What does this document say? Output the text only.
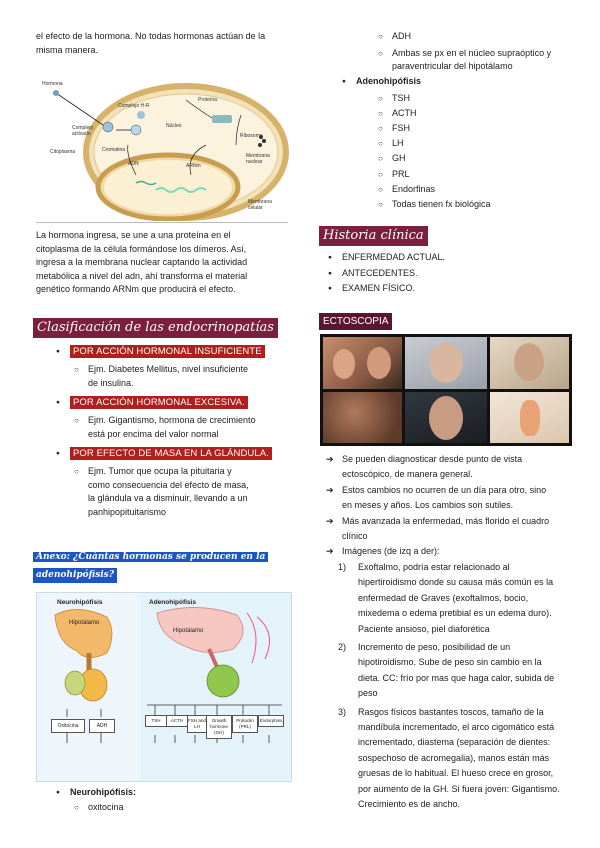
el efecto de la hormona. No todas hormonas actúan de la

misma manera.

Hormona
Complejo H-R
Complejo activado
Citoplasma
Núcleo
Cromatina
ADN	ARNm
Ribosoma
Membrana nuclear
Proteína
Membrana celular

La hormona ingresa, se une a una proteína en el

citoplasma de la célula formándose los dímeros. Así,

ingresa a la membrana nuclear captando la actividad

metabólica a nivel del adn, ahí transforma el material

genético formando ARNm que producirá el efecto.

Clasificación de las endocrinopatías
● POR ACCIÓN HORMONAL INSUFICIENTE

○ Ejm. Diabetes Mellitus, nivel insuficiente

de insulina.

● POR ACCIÓN HORMONAL EXCESIVA.

○ Ejm. Gigantismo, hormona de crecimiento

está por encima del valor normal

● POR EFECTO DE MASA EN LA GLÁNDULA.

○ Ejm. Tumor que ocupa la pituitaria y

como consecuencia del efecto de masa,

la glándula va a disminuir, llevando a un

panhipopituitarismo

Anexo: ¿Cuántas hormonas se producen en la
adenohipófisis?
Neurohipófisis	Adenohipófisis
Hipotálamo
Hipotálamo
Oxitocina	ADH
TSH	ACTH	FSH and LH
Growth hormone (GH)
Prolactin (PRL)
Endorphins
● Neurohipófisis:
○ oxitocina

○ ADH

○ Ambas se px en el núcleo supraóptico y

paraventricular del hipotálamo

● Adenohipófisis
○ TSH
○ ACTH
○ FSH
○ LH
○ GH
○ PRL
○ Endorfinas
○ Todas tienen fx biológica
Historia clínica
● ENFERMEDAD ACTUAL.
● ANTECEDENTES.
● EXAMEN FÍSICO.
ECTOSCOPIA

➔ Se pueden diagnosticar desde punto de vista

ectoscópico, de manera general.

➔ Estos cambios no ocurren de un día para otro, sino

en meses y años. Los cambios son sutiles.

➔ Más avanzada la enfermedad, más florido el cuadro

clínico

➔ Imágenes (de izq a der):

1) Exoftalmo, podría estar relacionado al

hipertiroidismo donde su causa más común es la

enfermedad de Graves (exoftalmos, bocio,

mixedema o edema pretibial es un edema duro).

Paciente ansioso, piel diaforética

2) Incremento de peso, posibilidad de un

hipotiroidismo. Sube de peso sin cambio en la

dieta. CC: frío por mas que haga calor, subida de

peso

3) Rasgos físicos bastantes toscos, tamaño de la

mandíbula incrementado, el arco cigomático está

incrementado, diastema (separación de dientes:

sospechoso de acromegalia), manos están más

gruesas de lo habitual. El hueso crece en grosor,

por aumento de la GH. Si fuera joven: Gigantismo.

Crecimiento es de ancho.
